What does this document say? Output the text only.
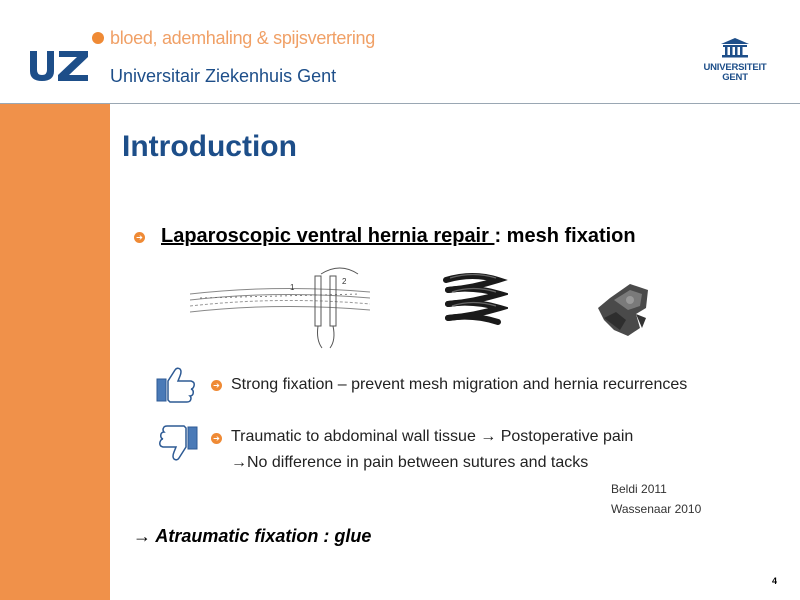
bloed, ademhaling & spijsvertering
Universitair Ziekenhuis Gent	UNIVERSITEIT
GENT
Introduction
➔ Laparoscopic ventral hernia repair : mesh fixation
1
2
➔ Strong fixation – prevent mesh migration and hernia recurrences
➔ Traumatic to abdominal wall tissue → Postoperative pain
→No difference in pain between sutures and tacks
Beldi 2011
Wassenaar 2010
→ Atraumatic fixation : glue
4
